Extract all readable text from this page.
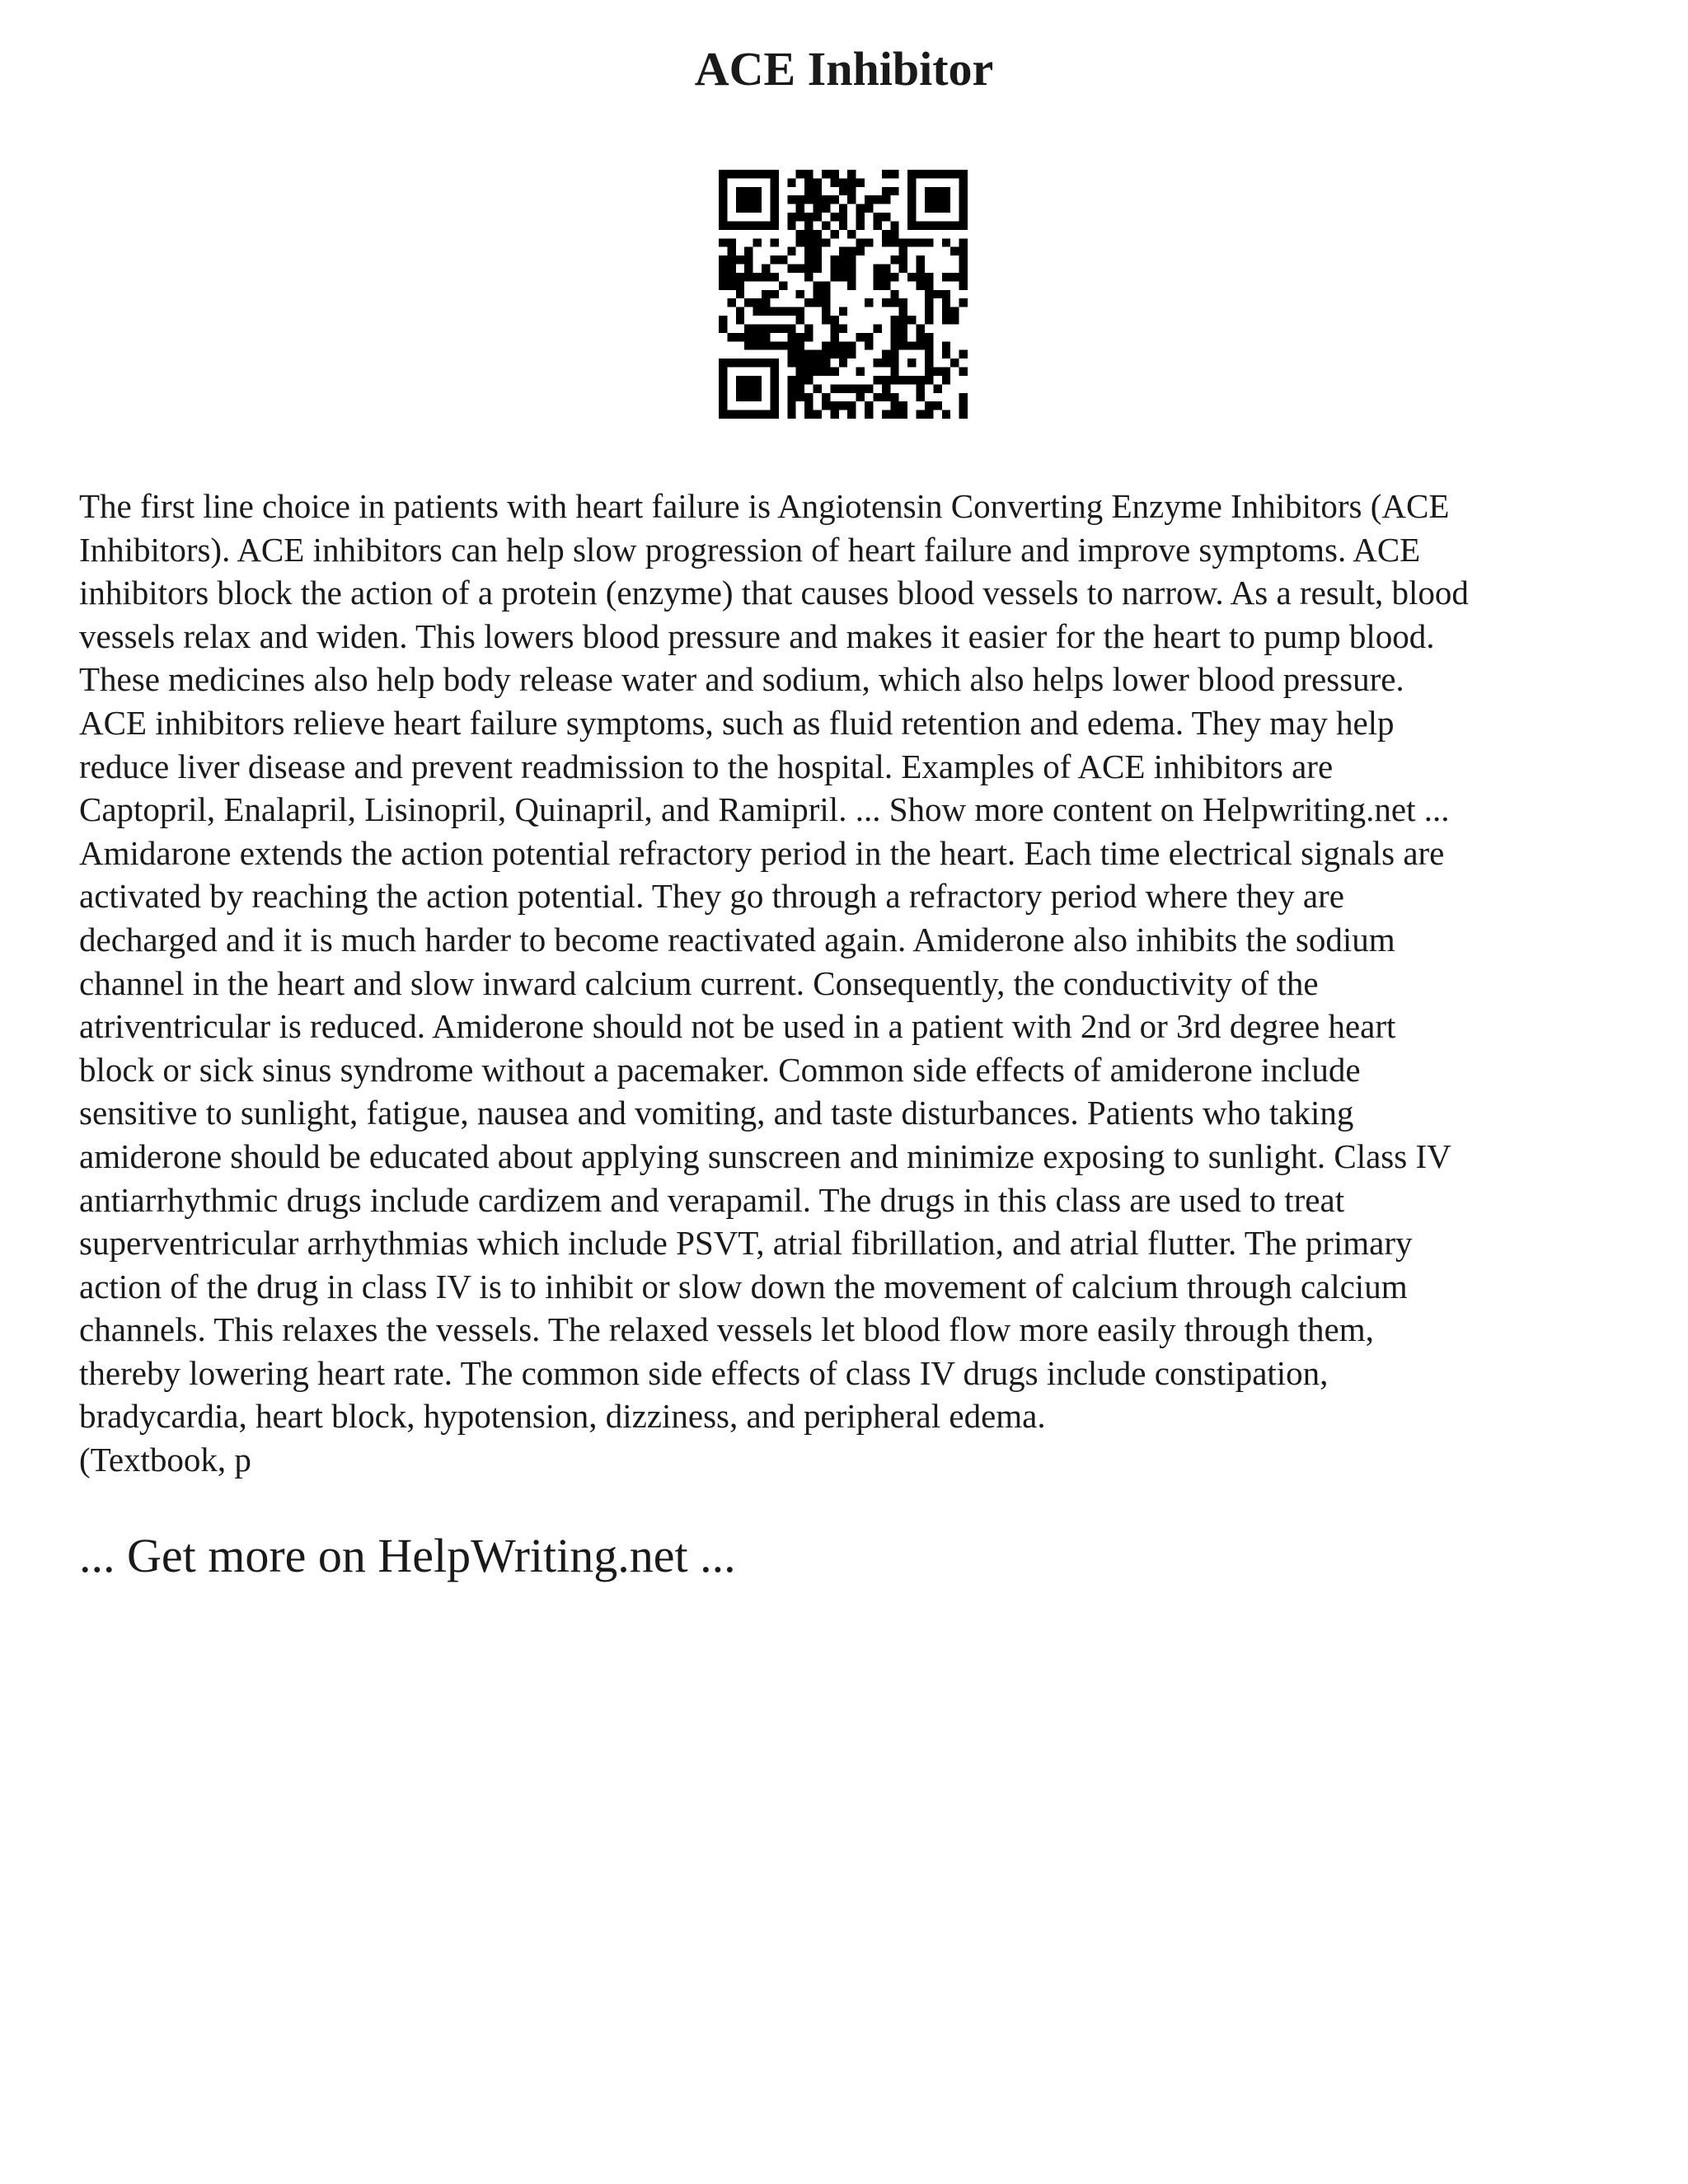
ACE Inhibitor
The first line choice in patients with heart failure is Angiotensin Converting Enzyme Inhibitors (ACE
Inhibitors). ACE inhibitors can help slow progression of heart failure and improve symptoms. ACE
inhibitors block the action of a protein (enzyme) that causes blood vessels to narrow. As a result, blood
vessels relax and widen. This lowers blood pressure and makes it easier for the heart to pump blood.
These medicines also help body release water and sodium, which also helps lower blood pressure.
ACE inhibitors relieve heart failure symptoms, such as fluid retention and edema. They may help
reduce liver disease and prevent readmission to the hospital. Examples of ACE inhibitors are
Captopril, Enalapril, Lisinopril, Quinapril, and Ramipril. ... Show more content on Helpwriting.net ...
Amidarone extends the action potential refractory period in the heart. Each time electrical signals are
activated by reaching the action potential. They go through a refractory period where they are
decharged and it is much harder to become reactivated again. Amiderone also inhibits the sodium
channel in the heart and slow inward calcium current. Consequently, the conductivity of the
atriventricular is reduced. Amiderone should not be used in a patient with 2nd or 3rd degree heart
block or sick sinus syndrome without a pacemaker. Common side effects of amiderone include
sensitive to sunlight, fatigue, nausea and vomiting, and taste disturbances. Patients who taking
amiderone should be educated about applying sunscreen and minimize exposing to sunlight. Class IV
antiarrhythmic drugs include cardizem and verapamil. The drugs in this class are used to treat
superventricular arrhythmias which include PSVT, atrial fibrillation, and atrial flutter. The primary
action of the drug in class IV is to inhibit or slow down the movement of calcium through calcium
channels. This relaxes the vessels. The relaxed vessels let blood flow more easily through them,
thereby lowering heart rate. The common side effects of class IV drugs include constipation,
bradycardia, heart block, hypotension, dizziness, and peripheral edema.
(Textbook, p
... Get more on HelpWriting.net ...
